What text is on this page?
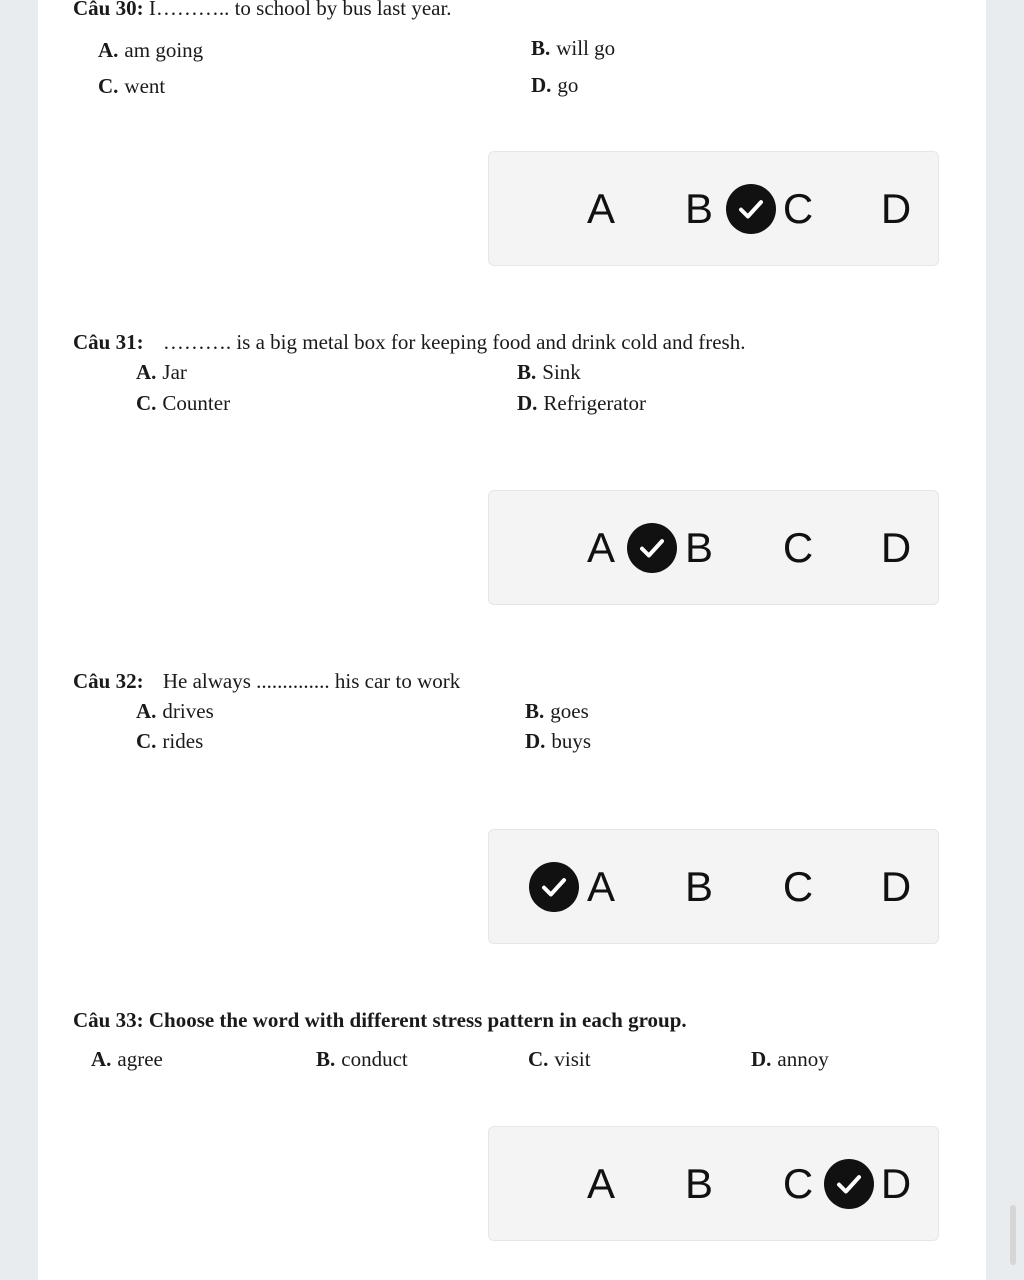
Câu 30: I……….. to school by bus last year.
A. am going	B. will go
C. went	D. go
A B C D
Câu 31: ………. is a big metal box for keeping food and drink cold and fresh.
A. Jar	B. Sink
C. Counter	D. Refrigerator
A B C D
Câu 32: He always .............. his car to work
A. drives	B. goes
C. rides	D. buys
A B C D
Câu 33: Choose the word with different stress pattern in each group.
A. agree	B. conduct	C. visit	D. annoy
A B C D
